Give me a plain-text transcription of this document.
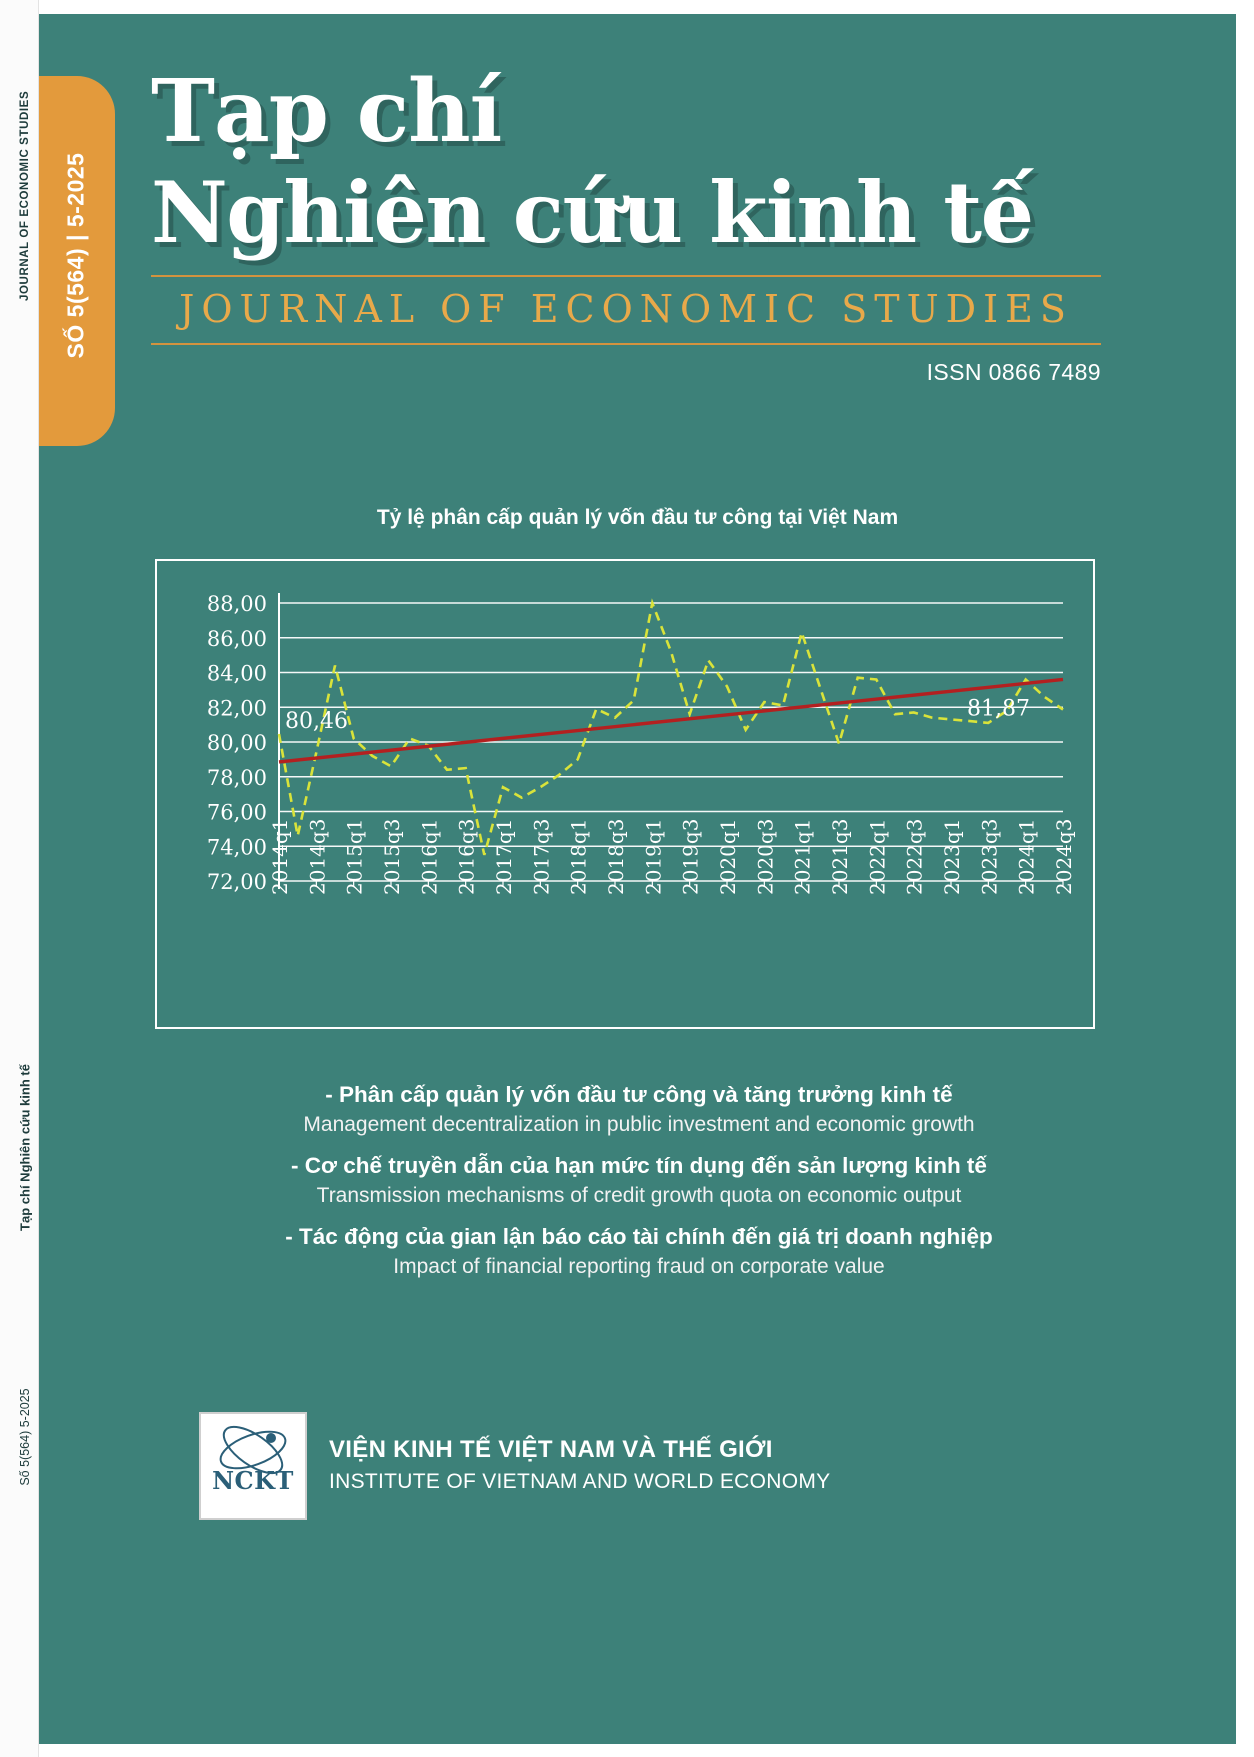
JOURNAL OF ECONOMIC STUDIES
Tạp chí Nghiên cứu kinh tế
Số 5(564) 5-2025
SỐ 5(564) | 5-2025
Tạp chí
Nghiên cứu kinh tế
JOURNAL OF ECONOMIC STUDIES
ISSN 0866 7489
Tỷ lệ phân cấp quản lý vốn đầu tư công tại Việt Nam
88,00
86,00
84,00
82,00
80,00
78,00
76,00
74,00
72,00
80,46	81,87
2014q1 2014q3 2015q1 2015q3 2016q1 2016q3 2017q1 2017q3 2018q1 2018q3 2019q1 2019q3 2020q1 2020q3 2021q1 2021q3 2022q1 2022q3 2023q1 2023q3 2024q1 2024q3
- Phân cấp quản lý vốn đầu tư công và tăng trưởng kinh tế
Management decentralization in public investment and economic growth
- Cơ chế truyền dẫn của hạn mức tín dụng đến sản lượng kinh tế
Transmission mechanisms of credit growth quota on economic output
- Tác động của gian lận báo cáo tài chính đến giá trị doanh nghiệp
Impact of financial reporting fraud on corporate value
NCKT
VIỆN KINH TẾ VIỆT NAM VÀ THẾ GIỚI
INSTITUTE OF VIETNAM AND WORLD ECONOMY
